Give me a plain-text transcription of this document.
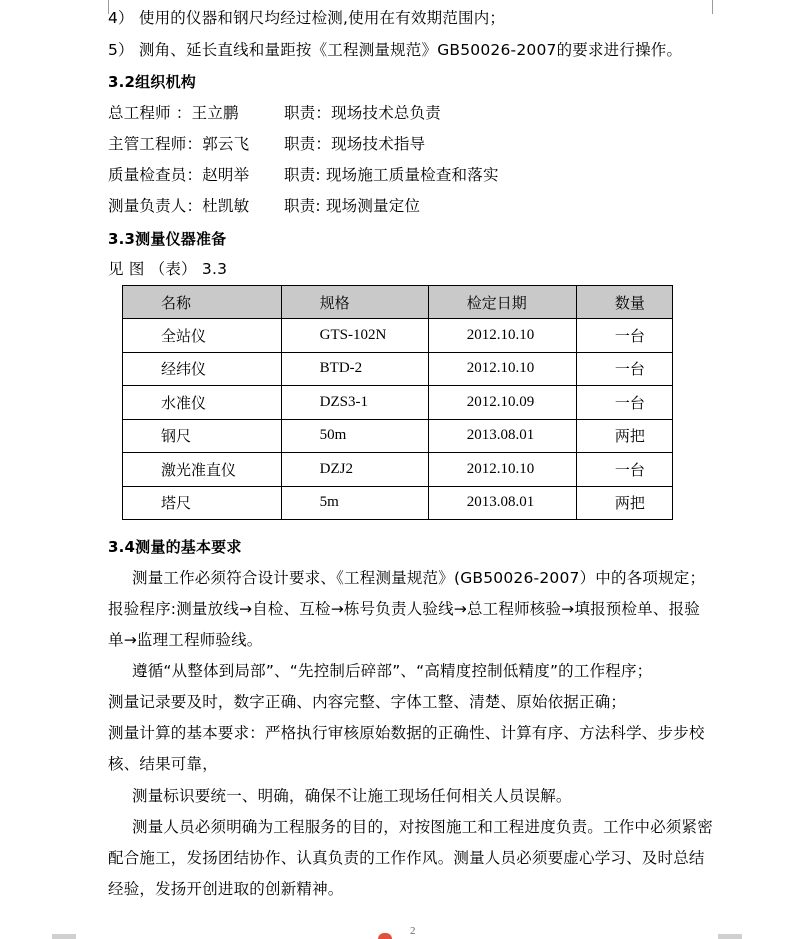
4） 使用的仪器和钢尺均经过检测,使用在有效期范围内；
5） 测角、延长直线和量距按《工程测量规范》GB50026-2007的要求进行操作。
3.2组织机构
总工程师 ：王立鹏	职责：现场技术总负责
主管工程师：郭云飞 职责：现场技术指导
质量检查员：赵明举 职责: 现场施工质量检查和落实
测量负责人：杜凯敏 职责: 现场测量定位
3.3测量仪器准备
见 图 （表） 3.3
名称	规格	检定日期	数量
全站仪	GTS-102N	2012.10.10	一台
经纬仪	BTD-2	2012.10.10	一台
水准仪	DZS3-1	2012.10.09	一台
钢尺	50m	2013.08.01	两把
激光准直仪	DZJ2	2012.10.10	一台
塔尺	5m	2013.08.01	两把
3.4测量的基本要求
测量工作必须符合设计要求、《工程测量规范》(GB50026-2007）中的各项规定；
报验程序:测量放线→自检、互检→栋号负责人验线→总工程师核验→填报预检单、报验
单→监理工程师验线。
遵循“从整体到局部”、“先控制后碎部”、“高精度控制低精度”的工作程序；
测量记录要及时，数字正确、内容完整、字体工整、清楚、原始依据正确；
测量计算的基本要求：严格执行审核原始数据的正确性、计算有序、方法科学、步步校
核、结果可靠，
测量标识要统一、明确，确保不让施工现场任何相关人员误解。
测量人员必须明确为工程服务的目的，对按图施工和工程进度负责。工作中必须紧密
配合施工，发扬团结协作、认真负责的工作作风。测量人员必须要虚心学习、及时总结
经验，发扬开创进取的创新精神。
2
